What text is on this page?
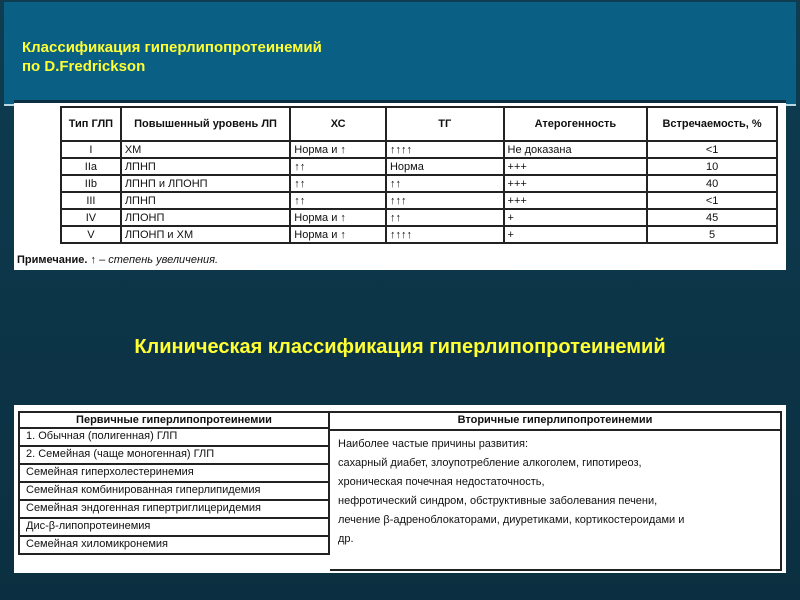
Классификация гиперлипопротеинемий
по D.Fredrickson
Тип ГЛП	Повышенный уровень ЛП	ХС	ТГ	Атерогенность	Встречаемость, %
I	ХМ	Норма и ↑	↑↑↑↑	Не доказана	<1
IIa	ЛПНП	↑↑	Норма	+++	10
IIb	ЛПНП и ЛПОНП	↑↑	↑↑	+++	40
III	ЛПНП	↑↑	↑↑↑	+++	<1
IV	ЛПОНП	Норма и ↑	↑↑	+	45
V	ЛПОНП и ХМ	Норма и ↑	↑↑↑↑	+	5
Примечание. ↑ – степень увеличения.
Клиническая классификация гиперлипопротеинемий
Первичные гиперлипопротеинемии
1. Обычная (полигенная) ГЛП
2. Семейная (чаще моногенная) ГЛП
Семейная гиперхолестеринемия
Семейная комбинированная гиперлипидемия
Семейная эндогенная гипертриглицеридемия
Дис-β-липопротеинемия
Семейная хиломикронемия
Вторичные гиперлипопротеинемии
Наиболее частые причины развития:
сахарный диабет, злоупотребление алкоголем, гипотиреоз,
хроническая почечная недостаточность,
нефротический синдром, обструктивные заболевания печени,
лечение β-адреноблокаторами, диуретиками, кортикостероидами и
др.
